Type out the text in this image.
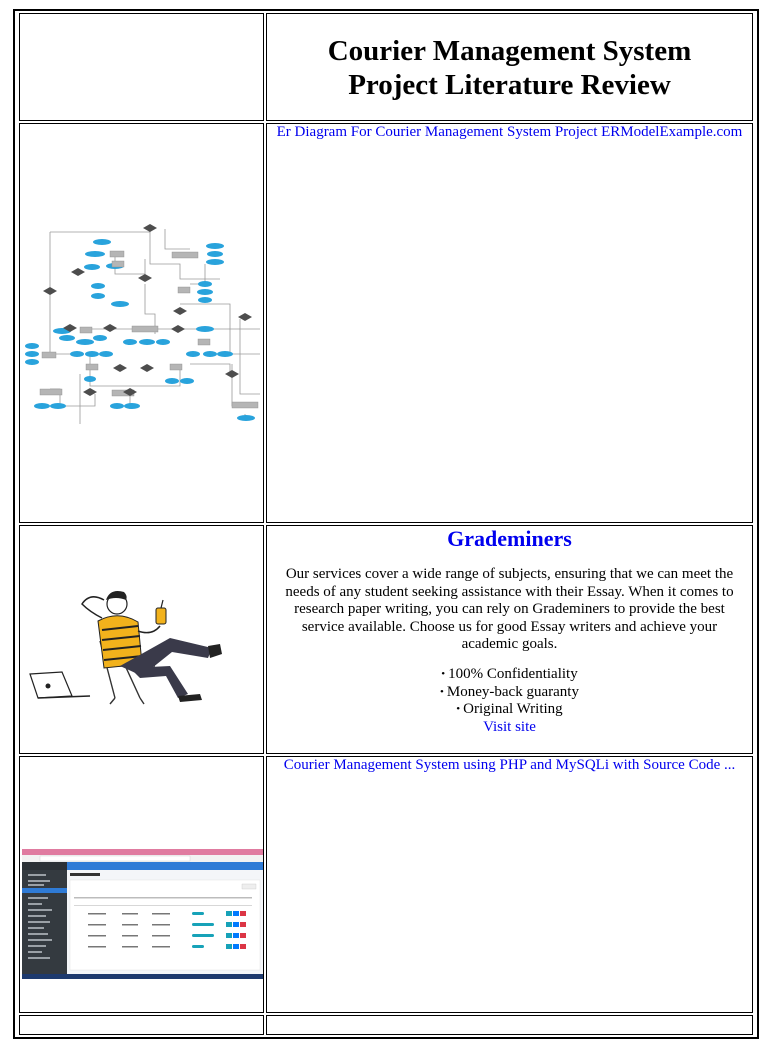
Courier Management System
Project Literature Review
Er Diagram For Courier Management System Project ERModelExample.com
Grademiners
Our services cover a wide range of subjects, ensuring that we can meet the needs of any student seeking assistance with their Essay. When it comes to research paper writing, you can rely on Grademiners to provide the best service available. Choose us for good Essay writers and achieve your academic goals.
• 100% Confidentiality
• Money-back guaranty
• Original Writing
Visit site
Courier Management System using PHP and MySQLi with Source Code ...
